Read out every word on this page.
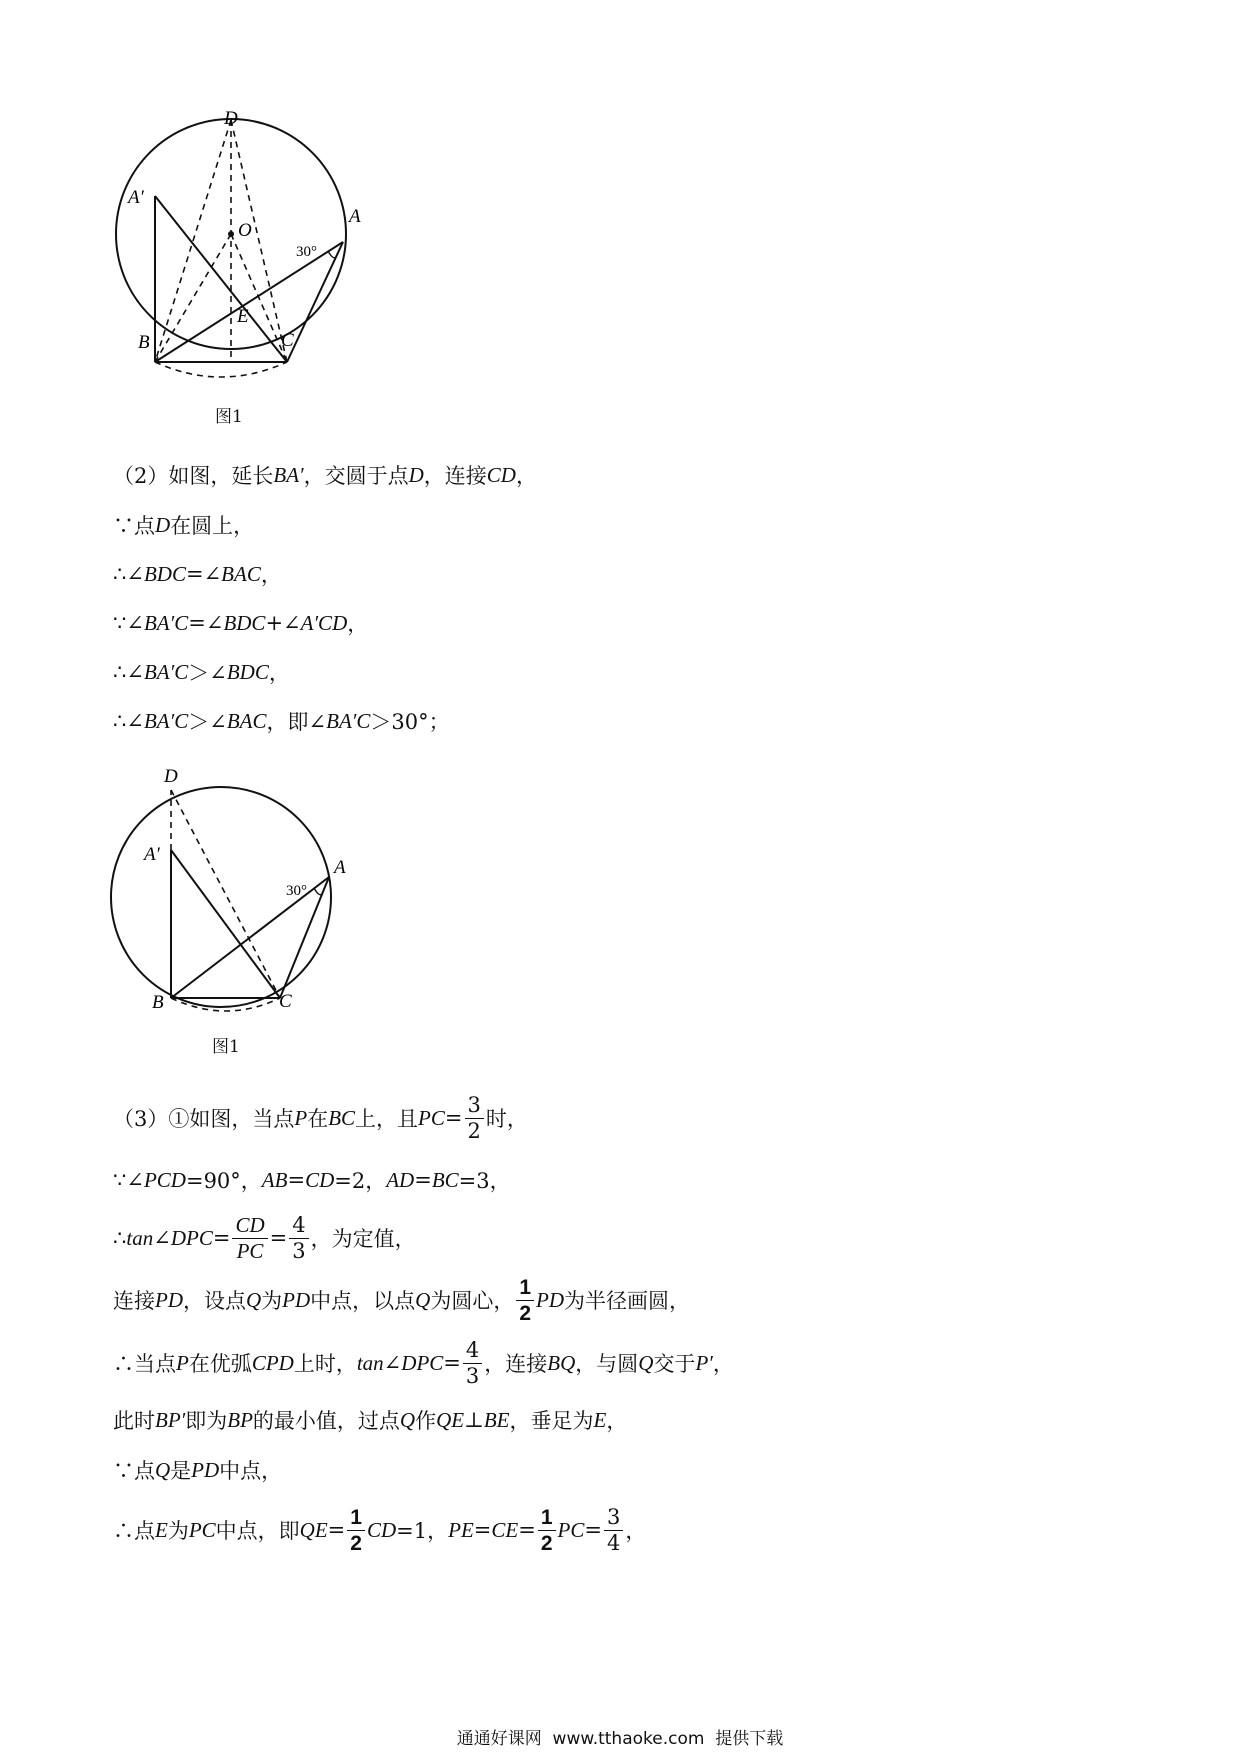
D
A′
O
A
30°
B
E
C
图1
（2）如图，延长 BA′ ，交圆于点 D ，连接 CD ，
∵点 D 在圆上，
∴∠ BDC =∠ BAC ，
∵∠ BA′C =∠ BDC +∠ A′CD ，
∴∠ BA′C ＞∠ BDC ，
∴∠ BA′C ＞∠ BAC ，即∠ BA′C ＞30°；
D
A′
A
30°
B	C
图1
（3）①如图，当点 P 在 BC 上，且 PC = $\frac{3}{2}$ 时，
∵∠ PCD =90°， AB = CD =2， AD = BC =3，
∴ tan ∠ DPC = $\frac{CD}{PC} = \frac{4}{3}$ ，为定值，
连接 PD ，设点 Q 为 PD 中点，以点 Q 为圆心， $\frac{1}{2}$ PD 为半径画圆，
∴当点 P 在优弧 CPD 上时， tan ∠ DPC = $\frac{4}{3}$ ，连接 BQ ，与圆 Q 交于 P′ ，
此时 BP′ 即为 BP 的最小值，过点 Q 作 QE ⊥ BE ，垂足为 E ，
∵点 Q 是 PD 中点，
∴点 E 为 PC 中点，即 QE = $\frac{1}{2}$ CD =1， PE = CE = $\frac{1}{2}$ PC = $\frac{3}{4}$ ，
通通好课网  www.tthaoke.com  提供下载
